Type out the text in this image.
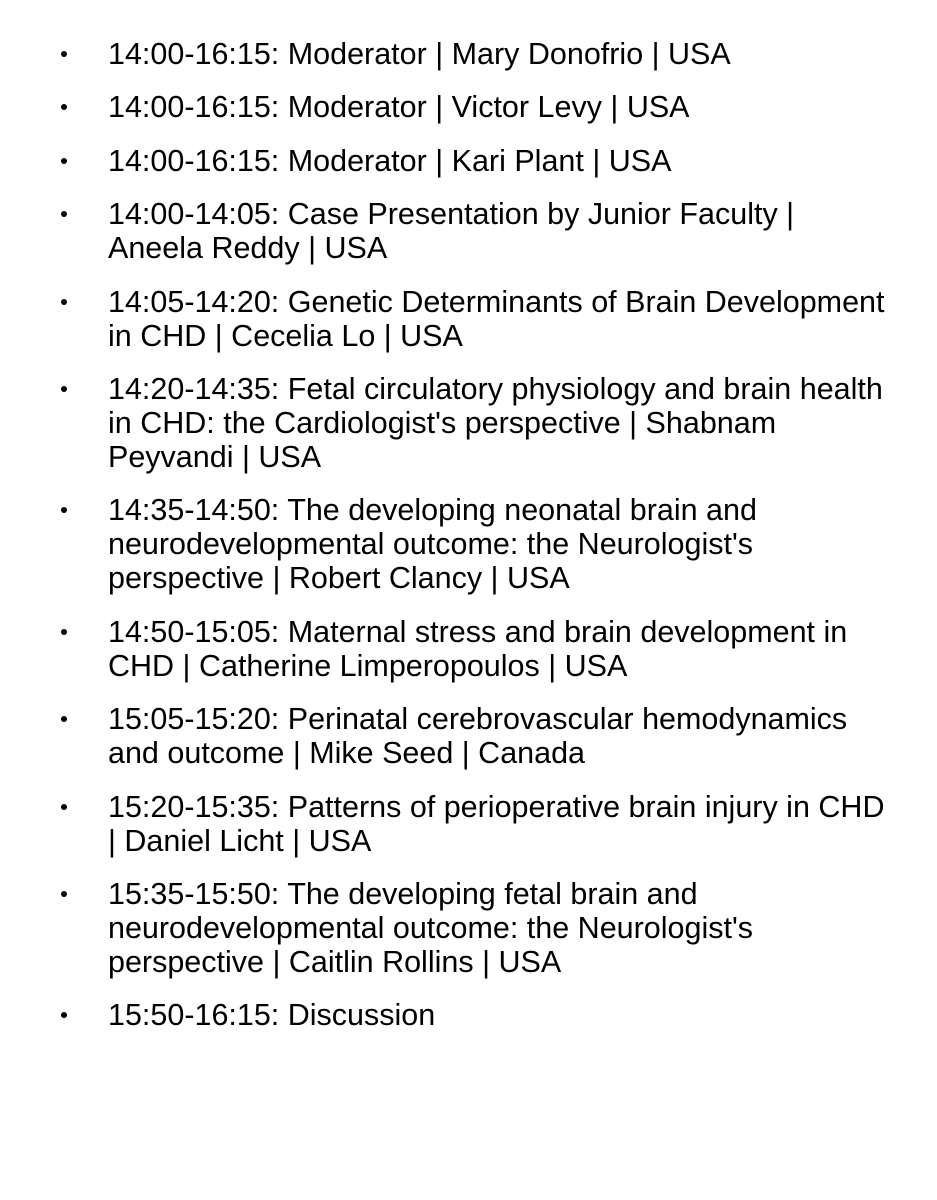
14:00-16:15: Moderator | Mary Donofrio | USA
14:00-16:15: Moderator | Victor Levy | USA
14:00-16:15: Moderator | Kari Plant | USA
14:00-14:05: Case Presentation by Junior Faculty | Aneela Reddy | USA
14:05-14:20: Genetic Determinants of Brain Development in CHD | Cecelia Lo | USA
14:20-14:35: Fetal circulatory physiology and brain health in CHD: the Cardiologist's perspective | Shabnam Peyvandi | USA
14:35-14:50: The developing neonatal brain and neurodevelopmental outcome: the Neurologist's perspective | Robert Clancy | USA
14:50-15:05: Maternal stress and brain development in CHD | Catherine Limperopoulos | USA
15:05-15:20: Perinatal cerebrovascular hemodynamics and outcome | Mike Seed | Canada
15:20-15:35: Patterns of perioperative brain injury in CHD | Daniel Licht | USA
15:35-15:50: The developing fetal brain and neurodevelopmental outcome: the Neurologist's perspective | Caitlin Rollins | USA
15:50-16:15: Discussion
